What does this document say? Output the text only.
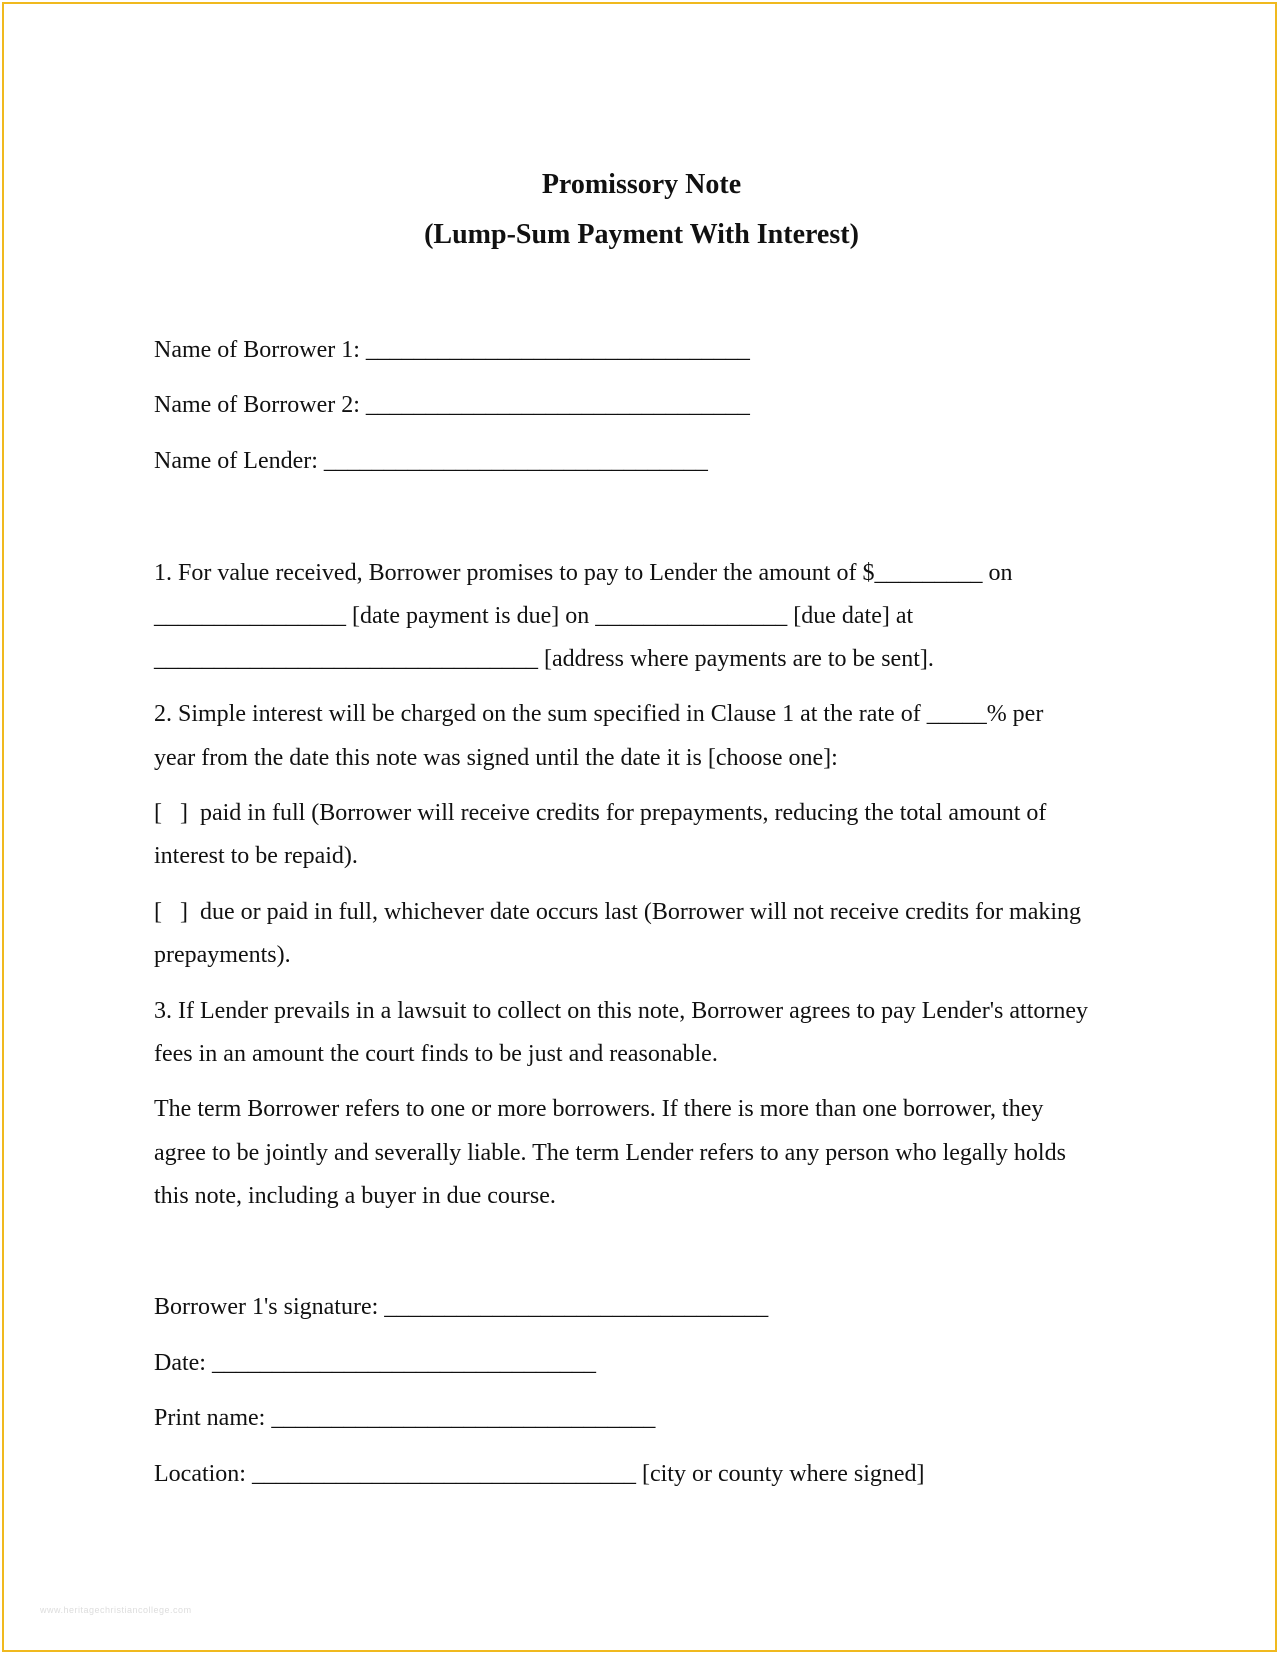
Promissory Note
(Lump-Sum Payment With Interest)
Name of Borrower 1: ________________________________
Name of Borrower 2: ________________________________
Name of Lender: ________________________________
1. For value received, Borrower promises to pay to Lender the amount of $_________ on
________________ [date payment is due] on ________________ [due date] at
________________________________ [address where payments are to be sent].
2. Simple interest will be charged on the sum specified in Clause 1 at the rate of _____% per
year from the date this note was signed until the date it is [choose one]:
[   ]  paid in full (Borrower will receive credits for prepayments, reducing the total amount of
interest to be repaid).
[   ]  due or paid in full, whichever date occurs last (Borrower will not receive credits for making
prepayments).
3. If Lender prevails in a lawsuit to collect on this note, Borrower agrees to pay Lender's attorney
fees in an amount the court finds to be just and reasonable.
The term Borrower refers to one or more borrowers. If there is more than one borrower, they
agree to be jointly and severally liable. The term Lender refers to any person who legally holds
this note, including a buyer in due course.
Borrower 1's signature: ________________________________
Date: ________________________________
Print name: ________________________________
Location: ________________________________ [city or county where signed]
www.heritagechristiancollege.com
